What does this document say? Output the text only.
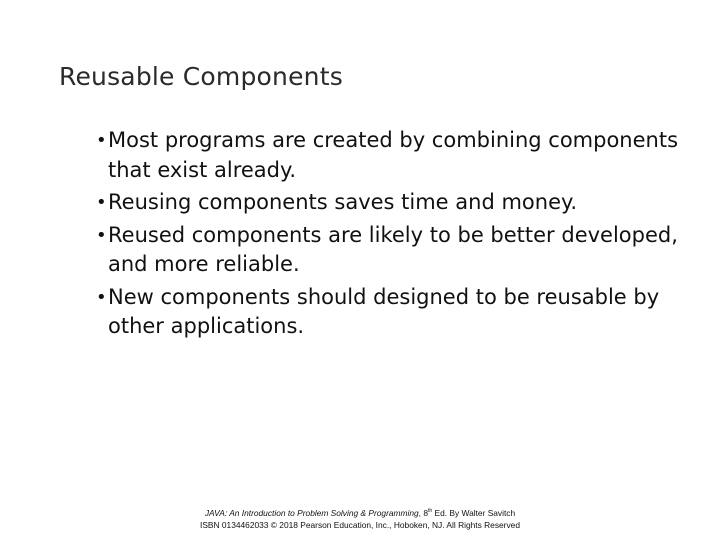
Reusable Components
• Most programs are created by combining components that exist already.
• Reusing components saves time and money.
• Reused components are likely to be better developed, and more reliable.
• New components should designed to be reusable by other applications.
JAVA: An Introduction to Problem Solving & Programming, 8th Ed. By Walter Savitch
ISBN 0134462033 © 2018 Pearson Education, Inc., Hoboken, NJ. All Rights Reserved
